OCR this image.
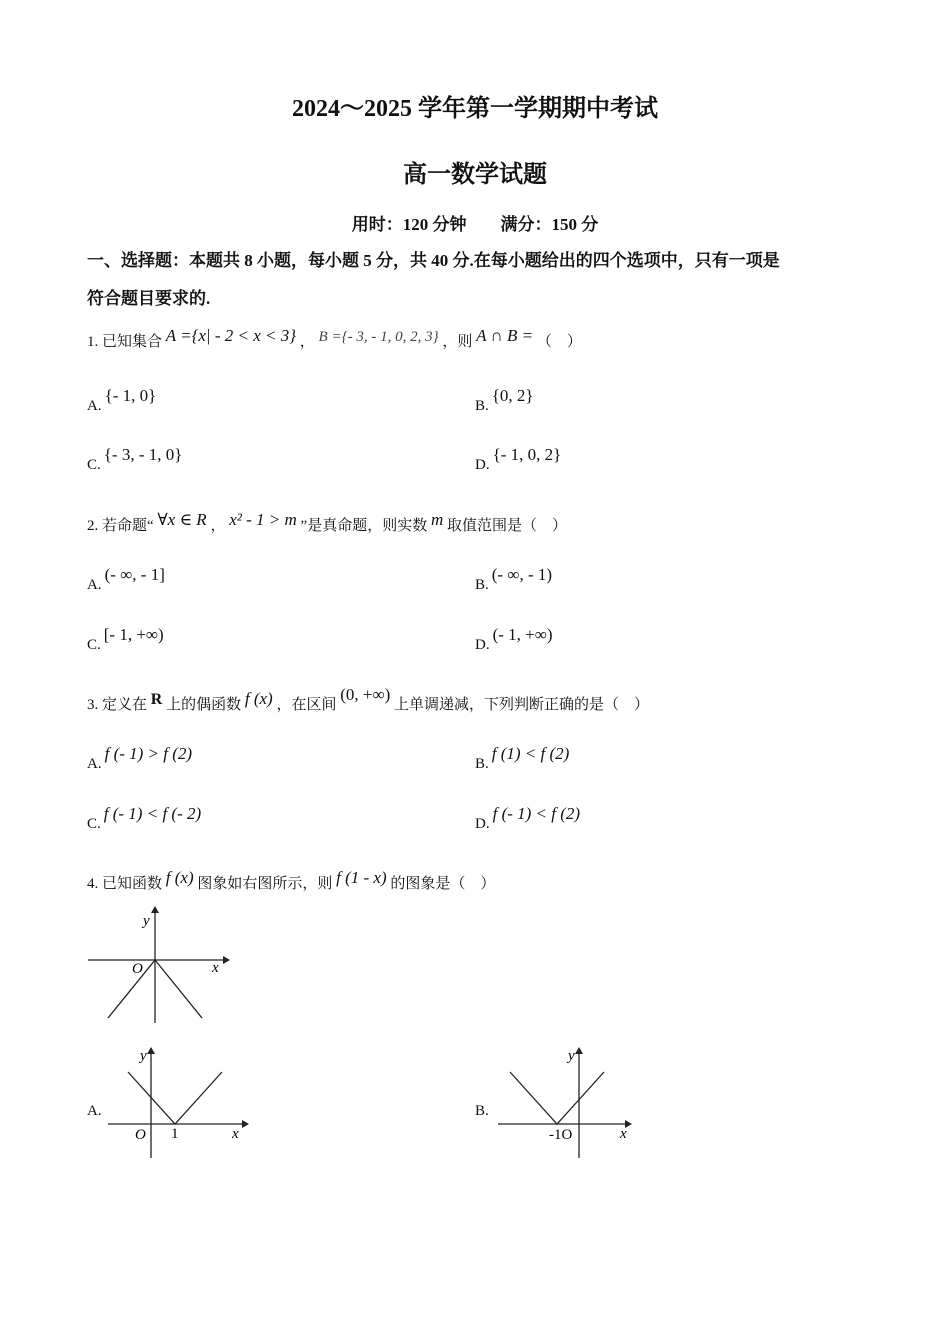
2024～2025 学年第一学期期中考试
高一数学试题
用时：120 分钟　　满分：150 分
一、选择题：本题共 8 小题，每小题 5 分，共 40 分.在每小题给出的四个选项中，只有一项是
符合题目要求的.
1. 已知集合 A ={x| - 2 < x < 3} ， B ={- 3, - 1, 0, 2, 3} ，则 A ∩ B = （　）
A.{- 1, 0}
B.{0, 2}
C.{- 3, - 1, 0}
D.{- 1, 0, 2}
2. 若命题“ ∀x ∈ R ， x² - 1 > m ”是真命题，则实数 m 取值范围是（　）
A.(- ∞, - 1]
B.(- ∞, - 1)
C.[- 1, +∞)
D.(- 1, +∞)
3. 定义在 R 上的偶函数 f (x) ，在区间 (0, +∞) 上单调递减，下列判断正确的是（　）
A.f (- 1) > f (2)
B.f (1) < f (2)
C.f (- 1) < f (- 2)
D.f (- 1) < f (2)
4. 已知函数 f (x) 图象如右图所示，则 f (1 - x) 的图象是（　）
y
x
O
A.
y
x
O 1
B.
y
x
-1O
